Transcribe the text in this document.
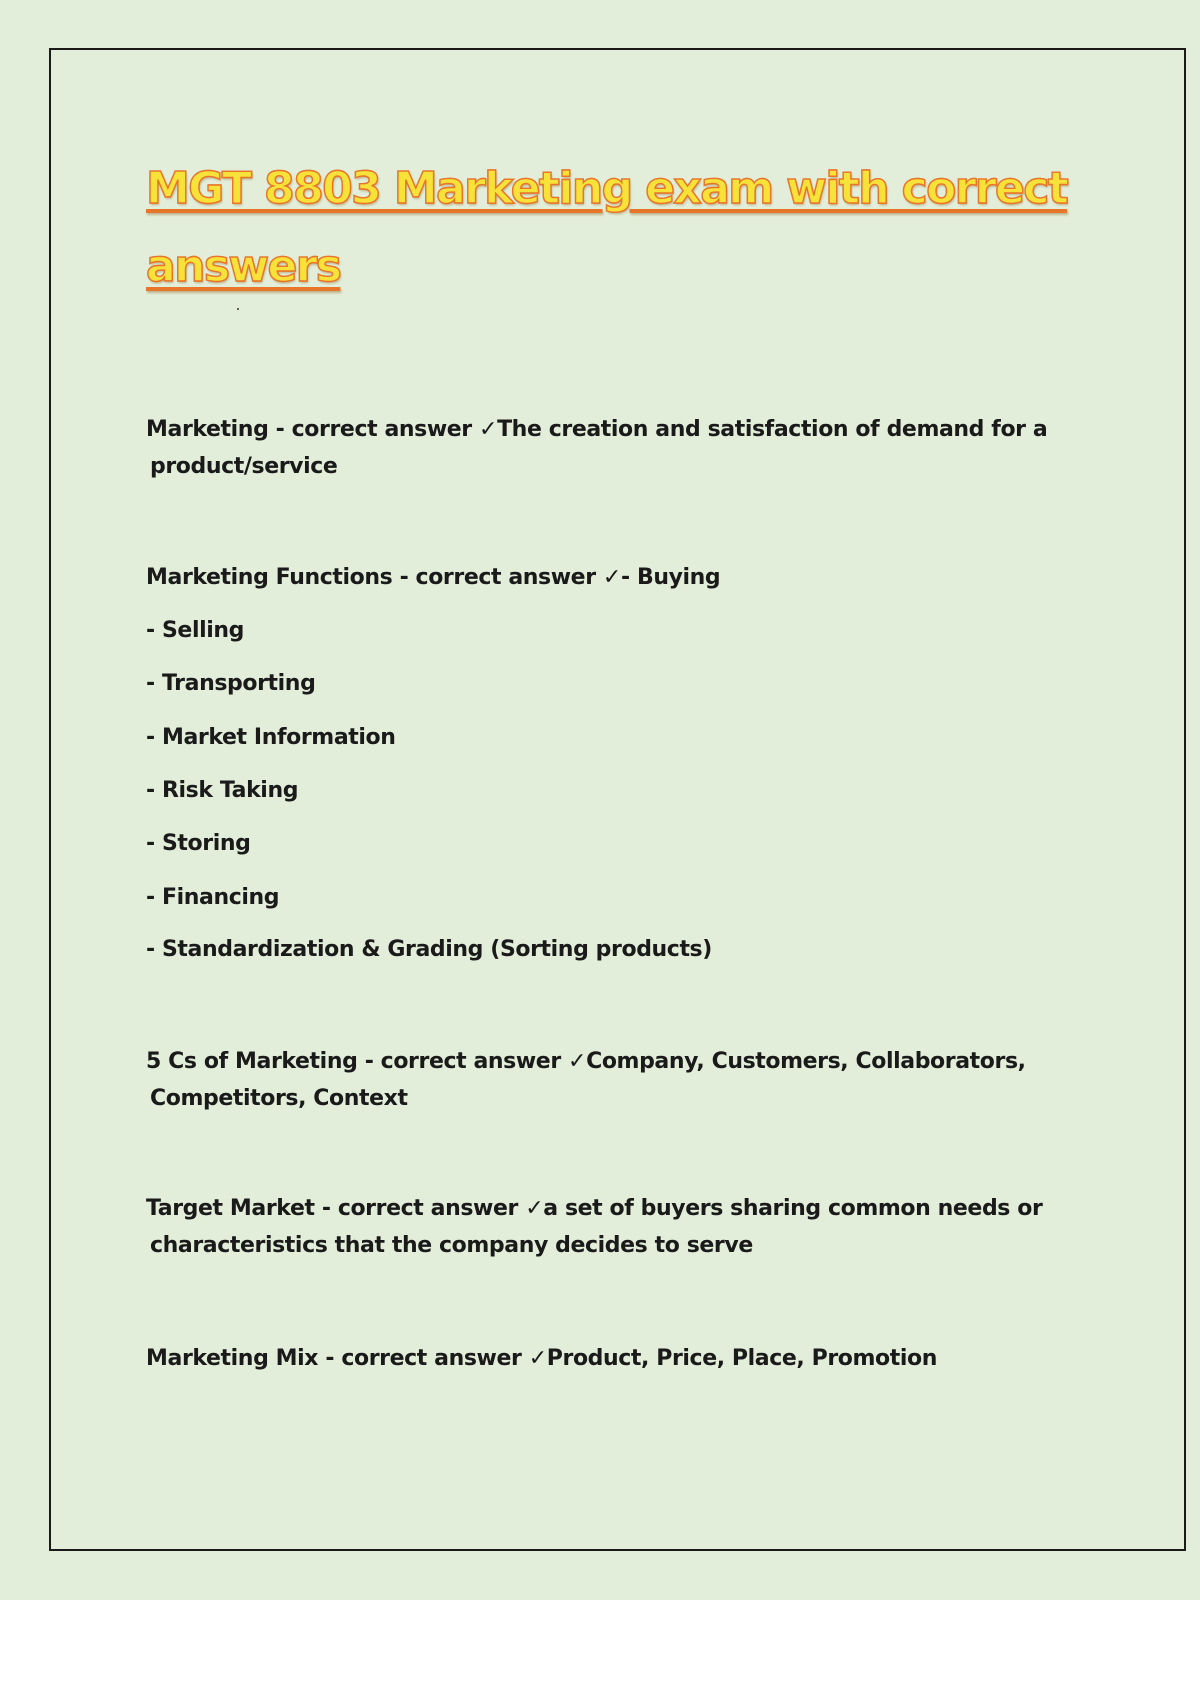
MGT 8803 Marketing exam with correct answers

Marketing - correct answer ✓The creation and satisfaction of demand for a
product/service

Marketing Functions - correct answer ✓- Buying

- Selling
- Transporting
- Market Information
- Risk Taking
- Storing
- Financing
- Standardization & Grading (Sorting products)

5 Cs of Marketing - correct answer ✓Company, Customers, Collaborators,
Competitors, Context

Target Market - correct answer ✓a set of buyers sharing common needs or
characteristics that the company decides to serve

Marketing Mix - correct answer ✓Product, Price, Place, Promotion
